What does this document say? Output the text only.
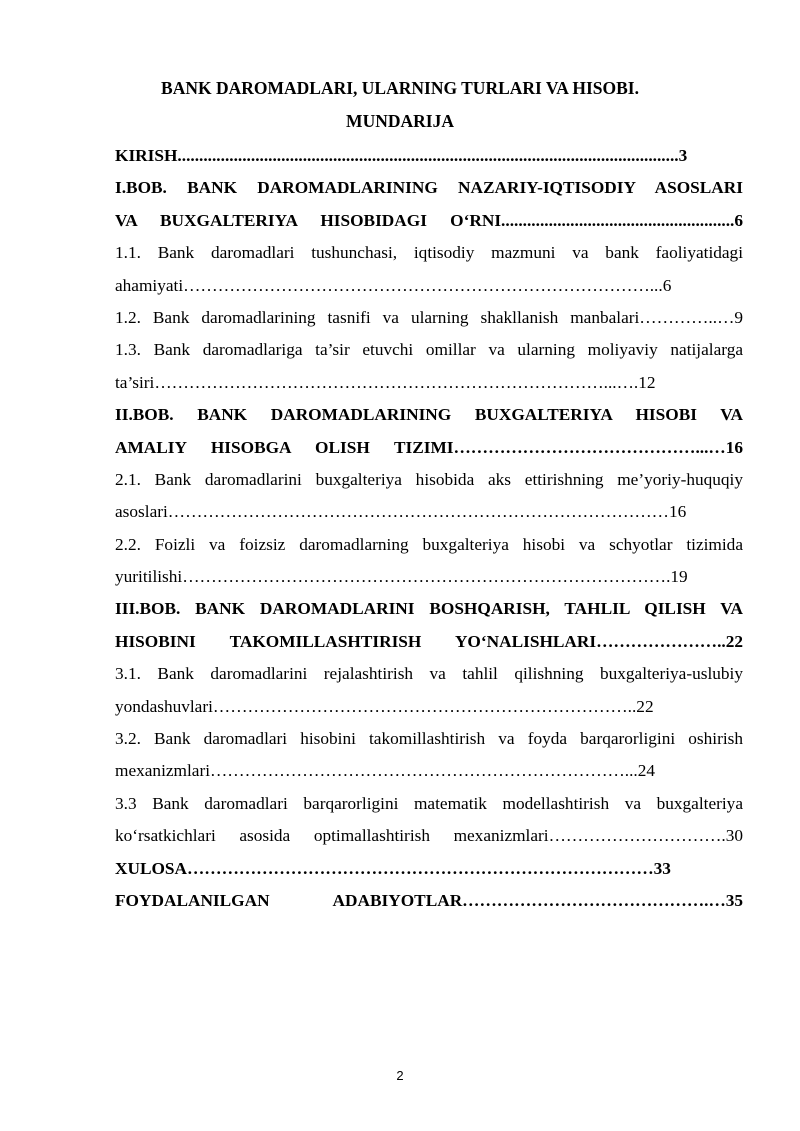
BANK DAROMADLARI, ULARNING TURLARI VA HISOBI.
MUNDARIJA
KIRISH....................................................................................................................3
I.BOB. BANK DAROMADLARINING NAZARIY-IQTISODIY ASOSLARI
VA BUXGALTERIYA HISOBIDAGI O‘RNI......................................................6
1.1. Bank daromadlari tushunchasi, iqtisodiy mazmuni va bank faoliyatidagi
ahamiyati………………………………………………………………………...6
1.2. Bank daromadlarining tasnifi va ularning shakllanish manbalari…………..…9
1.3. Bank daromadlariga ta’sir etuvchi omillar va ularning moliyaviy natijalarga
ta’siri……………………………………………………………………...….12
II.BOB. BANK DAROMADLARINING BUXGALTERIYA HISOBI VA
AMALIY HISOBGA OLISH TIZIMI……………………………………...…16
2.1. Bank daromadlarini buxgalteriya hisobida aks ettirishning me’yoriy-huquqiy
asoslari……………………………………………………………………………16
2.2. Foizli va foizsiz daromadlarning buxgalteriya hisobi va schyotlar tizimida
yuritilishi………………………………………………………………………….19
III.BOB. BANK DAROMADLARINI BOSHQARISH, TAHLIL QILISH VA
HISOBINI TAKOMILLASHTIRISH YO‘NALISHLARI…………………..22
3.1. Bank daromadlarini rejalashtirish va tahlil qilishning buxgalteriya-uslubiy
yondashuvlari………………………………………………………………..22
3.2. Bank daromadlari hisobini takomillashtirish va foyda barqarorligini oshirish
mexanizmlari………………………………………………………………...24
3.3 Bank daromadlari barqarorligini matematik modellashtirish va buxgalteriya
ko‘rsatkichlari asosida optimallashtirish mexanizmlari………………………….30
XULOSA………………………………………………………………………33
FOYDALANILGAN ADABIYOTLAR…………………………………….…35
2
